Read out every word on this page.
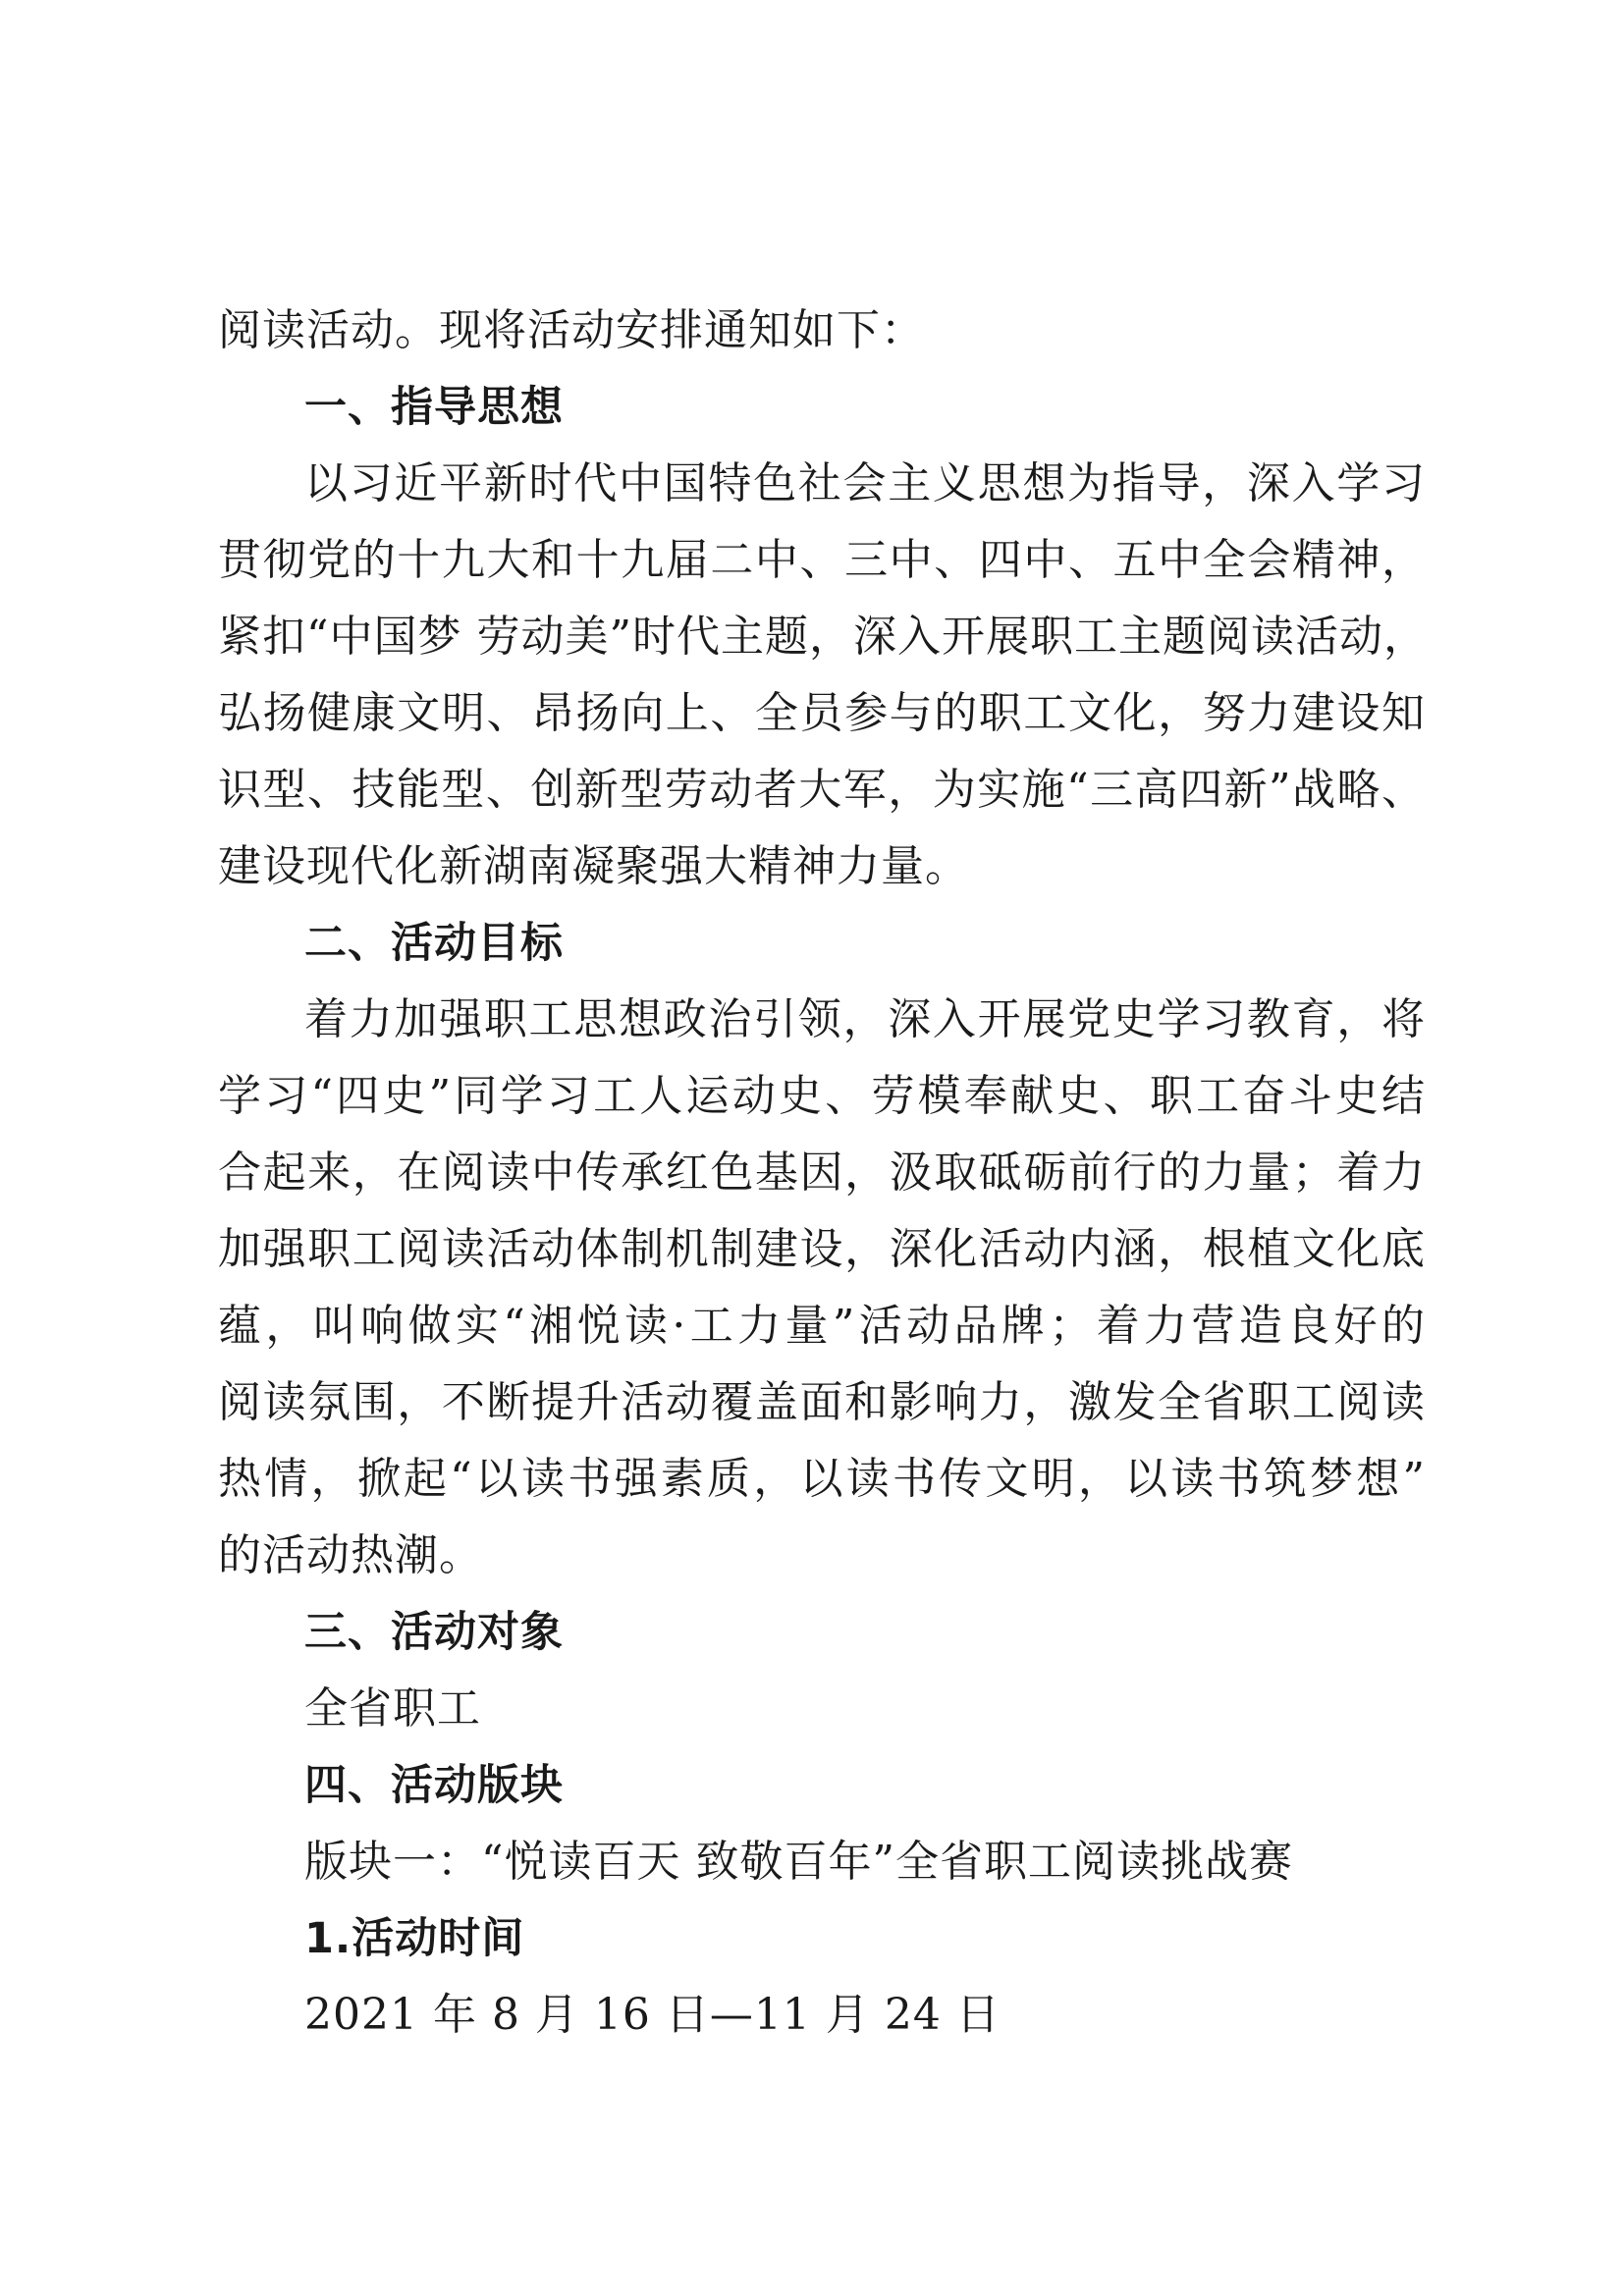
阅读活动。现将活动安排通知如下：
一、指导思想
以习近平新时代中国特色社会主义思想为指导，深入学习
贯彻党的十九大和十九届二中、三中、四中、五中全会精神，
紧扣“中国梦 劳动美”时代主题，深入开展职工主题阅读活动，
弘扬健康文明、昂扬向上、全员参与的职工文化，努力建设知
识型、技能型、创新型劳动者大军，为实施“三高四新”战略、
建设现代化新湖南凝聚强大精神力量。
二、活动目标
着力加强职工思想政治引领，深入开展党史学习教育，将
学习“四史”同学习工人运动史、劳模奉献史、职工奋斗史结
合起来，在阅读中传承红色基因，汲取砥砺前行的力量；着力
加强职工阅读活动体制机制建设，深化活动内涵，根植文化底
蕴，叫响做实“湘悦读·工力量”活动品牌；着力营造良好的
阅读氛围，不断提升活动覆盖面和影响力，激发全省职工阅读
热情，掀起“以读书强素质，以读书传文明，以读书筑梦想”
的活动热潮。
三、活动对象
全省职工
四、活动版块
版块一：“悦读百天 致敬百年”全省职工阅读挑战赛
1.活动时间
2021 年 8 月 16 日—11 月 24 日
